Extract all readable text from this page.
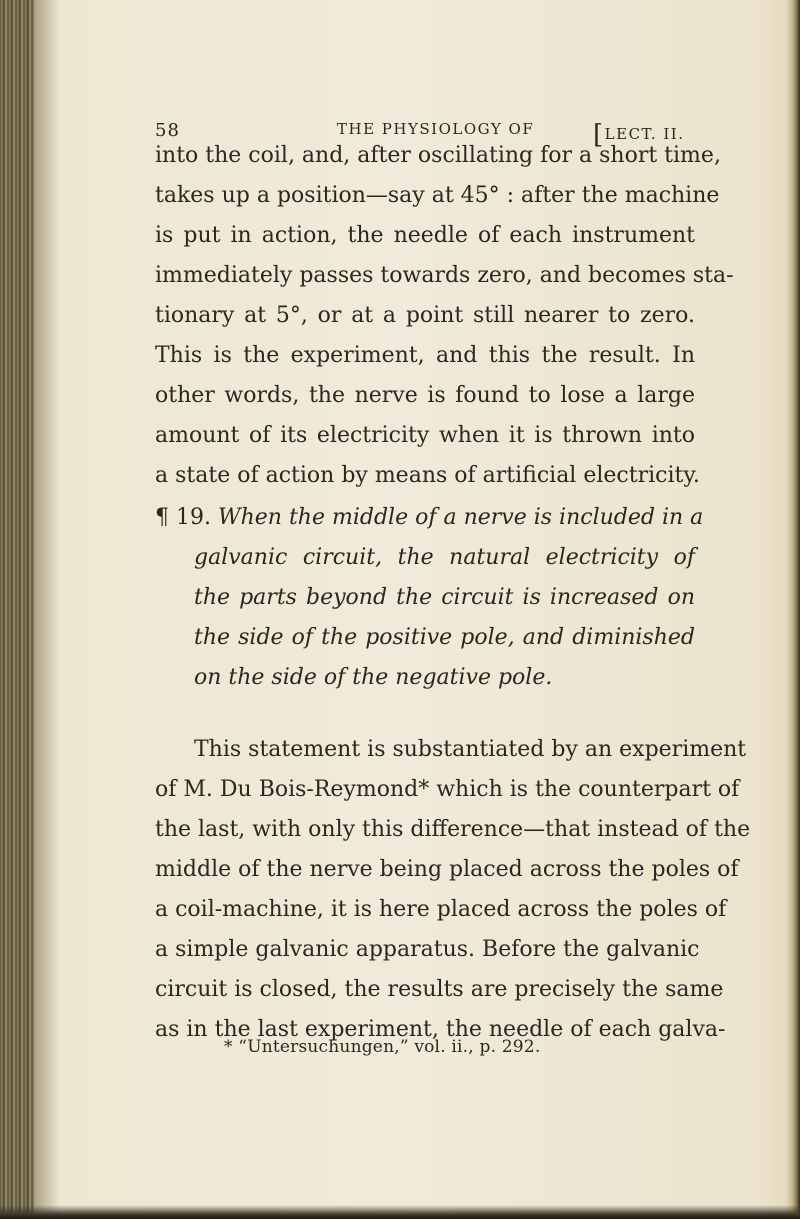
58	THE PHYSIOLOGY OF [LECT. II.
into the coil, and, after oscillating for a short time,
takes up a position—say at 45° : after the machine
is put in action, the needle of each instrument
immediately passes towards zero, and becomes sta-
tionary at 5°, or at a point still nearer to zero.
This is the experiment, and this the result. In
other words, the nerve is found to lose a large
amount of its electricity when it is thrown into
a state of action by means of artificial electricity.
¶ 19. When the middle of a nerve is included in a
galvanic circuit, the natural electricity of
the parts beyond the circuit is increased on
the side of the positive pole, and diminished
on the side of the negative pole.
This statement is substantiated by an experiment
of M. Du Bois-Reymond* which is the counterpart of
the last, with only this difference—that instead of the
middle of the nerve being placed across the poles of
a coil-machine, it is here placed across the poles of
a simple galvanic apparatus. Before the galvanic
circuit is closed, the results are precisely the same
as in the last experiment, the needle of each galva-
* “Untersuchungen,” vol. ii., p. 292.
